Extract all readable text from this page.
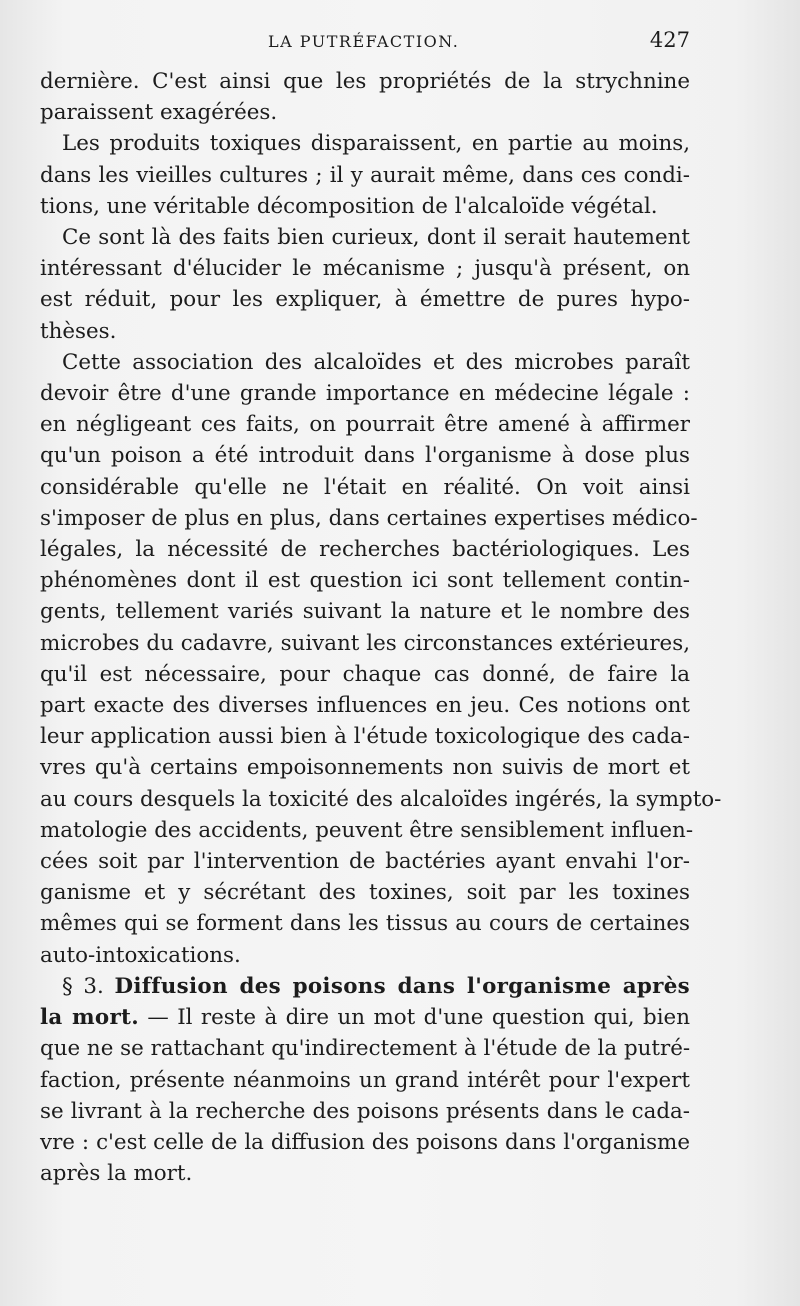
LA PUTRÉFACTION.	427
dernière. C'est ainsi que les propriétés de la strychnine
paraissent exagérées.
Les produits toxiques disparaissent, en partie au moins,
dans les vieilles cultures ; il y aurait même, dans ces condi-
tions, une véritable décomposition de l'alcaloïde végétal.
Ce sont là des faits bien curieux, dont il serait hautement
intéressant d'élucider le mécanisme ; jusqu'à présent, on
est réduit, pour les expliquer, à émettre de pures hypo-
thèses.
Cette association des alcaloïdes et des microbes paraît
devoir être d'une grande importance en médecine légale :
en négligeant ces faits, on pourrait être amené à affirmer
qu'un poison a été introduit dans l'organisme à dose plus
considérable qu'elle ne l'était en réalité. On voit ainsi
s'imposer de plus en plus, dans certaines expertises médico-
légales, la nécessité de recherches bactériologiques. Les
phénomènes dont il est question ici sont tellement contin-
gents, tellement variés suivant la nature et le nombre des
microbes du cadavre, suivant les circonstances extérieures,
qu'il est nécessaire, pour chaque cas donné, de faire la
part exacte des diverses influences en jeu. Ces notions ont
leur application aussi bien à l'étude toxicologique des cada-
vres qu'à certains empoisonnements non suivis de mort et
au cours desquels la toxicité des alcaloïdes ingérés, la sympto-
matologie des accidents, peuvent être sensiblement influen-
cées soit par l'intervention de bactéries ayant envahi l'or-
ganisme et y sécrétant des toxines, soit par les toxines
mêmes qui se forment dans les tissus au cours de certaines
auto-intoxications.
§ 3. Diffusion des poisons dans l'organisme après
la mort. — Il reste à dire un mot d'une question qui, bien
que ne se rattachant qu'indirectement à l'étude de la putré-
faction, présente néanmoins un grand intérêt pour l'expert
se livrant à la recherche des poisons présents dans le cada-
vre : c'est celle de la diffusion des poisons dans l'organisme
après la mort.
